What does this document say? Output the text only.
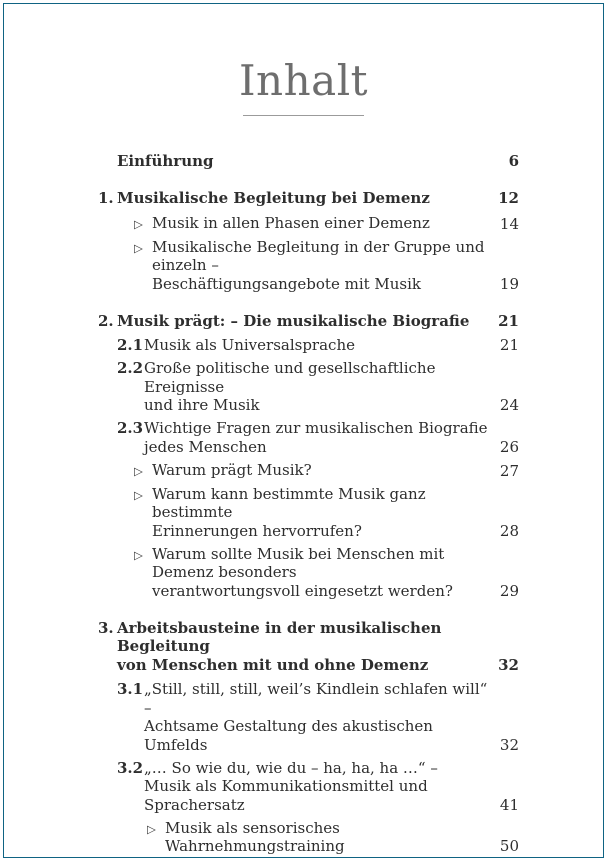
Inhalt
Einführung	6
1. Musikalische Begleitung bei Demenz	12
▷ Musik in allen Phasen einer Demenz	14
▷ Musikalische Begleitung in der Gruppe und einzeln –
Beschäftigungsangebote mit Musik	19
2. Musik prägt: – Die musikalische Biografie	21
2.1 Musik als Universalsprache	21
2.2 Große politische und gesellschaftliche Ereignisse
und ihre Musik	24
2.3 Wichtige Fragen zur musikalischen Biografie
jedes Menschen	26
▷ Warum prägt Musik?	27
▷ Warum kann bestimmte Musik ganz bestimmte
Erinnerungen hervorrufen?	28
▷ Warum sollte Musik bei Menschen mit Demenz besonders
verantwortungsvoll eingesetzt werden?	29
3. Arbeitsbausteine in der musikalischen Begleitung
von Menschen mit und ohne Demenz	32
3.1 „Still, still, still, weil’s Kindlein schlafen will“ –
Achtsame Gestaltung des akustischen Umfelds	32
3.2 „… So wie du, wie du – ha, ha, ha …“ –
Musik als Kommunikationsmittel und Sprachersatz	41
▷ Musik als sensorisches Wahrnehmungstraining	50
